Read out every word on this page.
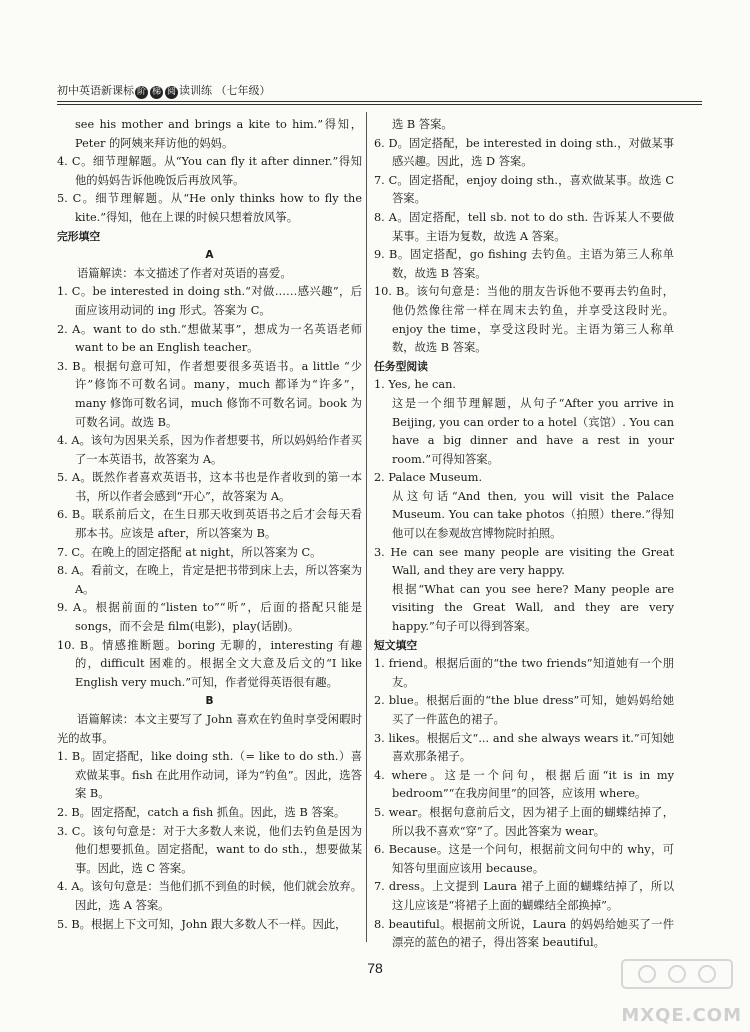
初中英语新课标 阶 梯 阅 读训练 （七年级）

see his mother and brings a kite to him.”得知，Peter 的阿姨来拜访他的妈妈。

4. C。细节理解题。从“You can fly it after dinner.”得知他的妈妈告诉他晚饭后再放风筝。

5. C。细节理解题。从“He only thinks how to fly the kite.”得知，他在上课的时候只想着放风筝。

完形填空

A

语篇解读：本文描述了作者对英语的喜爱。

1. C。be interested in doing sth.“对做……感兴趣”，后面应该用动词的 ing 形式。答案为 C。

2. A。want to do sth.“想做某事”，想成为一名英语老师 want to be an English teacher。

3. B。根据句意可知，作者想要很多英语书。a little “少许”修饰不可数名词。many，much 都译为“许多”，many 修饰可数名词，much 修饰不可数名词。book 为可数名词。故选 B。

4. A。该句为因果关系，因为作者想要书，所以妈妈给作者买了一本英语书，故答案为 A。

5. A。既然作者喜欢英语书，这本书也是作者收到的第一本书，所以作者会感到“开心”，故答案为 A。

6. B。联系前后文，在生日那天收到英语书之后才会每天看那本书。应该是 after，所以答案为 B。

7. C。在晚上的固定搭配 at night，所以答案为 C。

8. A。看前文，在晚上，肯定是把书带到床上去，所以答案为 A。

9. A。根据前面的“listen to”“听”，后面的搭配只能是 songs，而不会是 film(电影)，play(话剧)。

10. B。情感推断题。boring 无聊的，interesting 有趣的，difficult 困难的。根据全文大意及后文的“I like English very much.”可知，作者觉得英语很有趣。

B

语篇解读：本文主要写了 John 喜欢在钓鱼时享受闲暇时光的故事。

1. B。固定搭配，like doing sth.（= like to do sth.）喜欢做某事。fish 在此用作动词，译为“钓鱼”。因此，选答案 B。

2. B。固定搭配，catch a fish 抓鱼。因此，选 B 答案。

3. C。该句句意是：对于大多数人来说，他们去钓鱼是因为他们想要抓鱼。固定搭配，want to do sth.，想要做某事。因此，选 C 答案。

4. A。该句句意是：当他们抓不到鱼的时候，他们就会放弃。因此，选 A 答案。

5. B。根据上下文可知，John 跟大多数人不一样。因此，

选 B 答案。

6. D。固定搭配，be interested in doing sth.，对做某事感兴趣。因此，选 D 答案。

7. C。固定搭配，enjoy doing sth.，喜欢做某事。故选 C 答案。

8. A。固定搭配，tell sb. not to do sth. 告诉某人不要做某事。主语为复数，故选 A 答案。

9. B。固定搭配，go fishing 去钓鱼。主语为第三人称单数，故选 B 答案。

10. B。该句句意是：当他的朋友告诉他不要再去钓鱼时，他仍然像往常一样在周末去钓鱼，并享受这段时光。enjoy the time，享受这段时光。主语为第三人称单数，故选 B 答案。

任务型阅读

1. Yes, he can.

这是一个细节理解题，从句子“After you arrive in Beijing, you can order to a hotel（宾馆）. You can have a big dinner and have a rest in your room.”可得知答案。

2. Palace Museum.

从这句话“And then, you will visit the Palace Museum. You can take photos（拍照）there.”得知他可以在参观故宫博物院时拍照。

3. He can see many people are visiting the Great Wall, and they are very happy.

根据“What can you see here? Many people are visiting the Great Wall, and they are very happy.”句子可以得到答案。

短文填空

1. friend。根据后面的“the two friends”知道她有一个朋友。

2. blue。根据后面的“the blue dress”可知，她妈妈给她买了一件蓝色的裙子。

3. likes。根据后文“... and she always wears it.”可知她喜欢那条裙子。

4. where。这是一个问句，根据后面“it is in my bedroom”“在我房间里”的回答，应该用 where。

5. wear。根据句意前后文，因为裙子上面的蝴蝶结掉了，所以我不喜欢“穿”了。因此答案为 wear。

6. Because。这是一个问句，根据前文问句中的 why，可知答句里面应该用 because。

7. dress。上文提到 Laura 裙子上面的蝴蝶结掉了，所以这儿应该是“将裙子上面的蝴蝶结全部换掉”。

8. beautiful。根据前文所说，Laura 的妈妈给她买了一件漂亮的蓝色的裙子，得出答案 beautiful。

78
MXQE.COM
